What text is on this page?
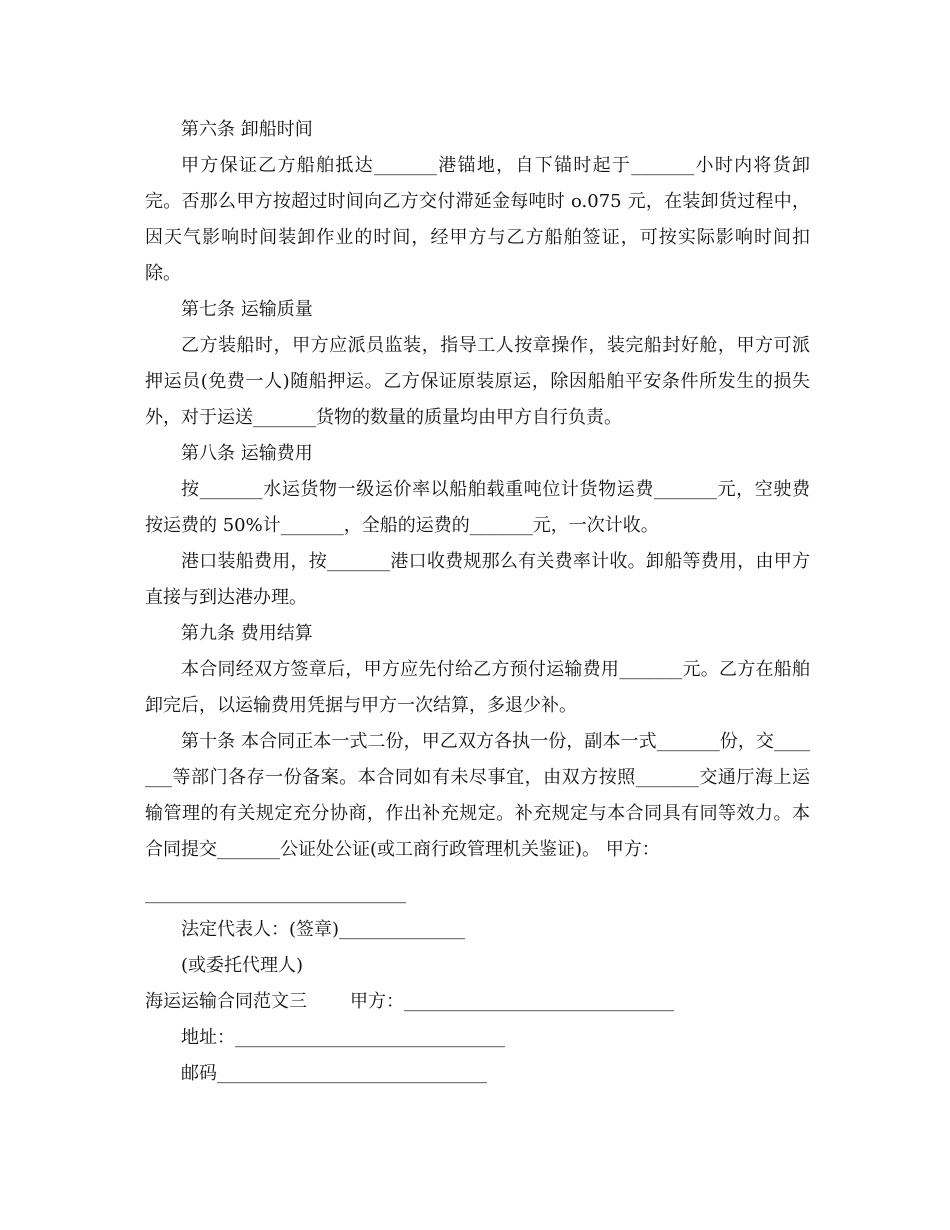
第六条 卸船时间

甲方保证乙方船舶抵达_______港锚地，自下锚时起于_______小时内将货卸完。否那么甲方按超过时间向乙方交付滞延金每吨时 o.075 元，在装卸货过程中，因天气影响时间装卸作业的时间，经甲方与乙方船舶签证，可按实际影响时间扣除。

第七条 运输质量

乙方装船时，甲方应派员监装，指导工人按章操作，装完船封好舱，甲方可派押运员(免费一人)随船押运。乙方保证原装原运，除因船舶平安条件所发生的损失外，对于运送_______货物的数量的质量均由甲方自行负责。

第八条 运输费用

按_______水运货物一级运价率以船舶载重吨位计货物运费_______元，空驶费按运费的 50%计_______，全船的运费的_______元，一次计收。

港口装船费用，按_______港口收费规那么有关费率计收。卸船等费用，由甲方直接与到达港办理。

第九条 费用结算

本合同经双方签章后，甲方应先付给乙方预付运输费用_______元。乙方在船舶卸完后，以运输费用凭据与甲方一次结算，多退少补。

第十条 本合同正本一式二份，甲乙双方各执一份，副本一式_______份，交_______等部门各存一份备案。本合同如有未尽事宜，由双方按照_______交通厅海上运输管理的有关规定充分协商，作出补充规定。补充规定与本合同具有同等效力。本合同提交_______公证处公证(或工商行政管理机关鉴证)。 甲方：

_____________________________

法定代表人：(签章)______________

(或委托代理人)

海运运输合同范文三 甲方：______________________________

地址：______________________________

邮码______________________________
